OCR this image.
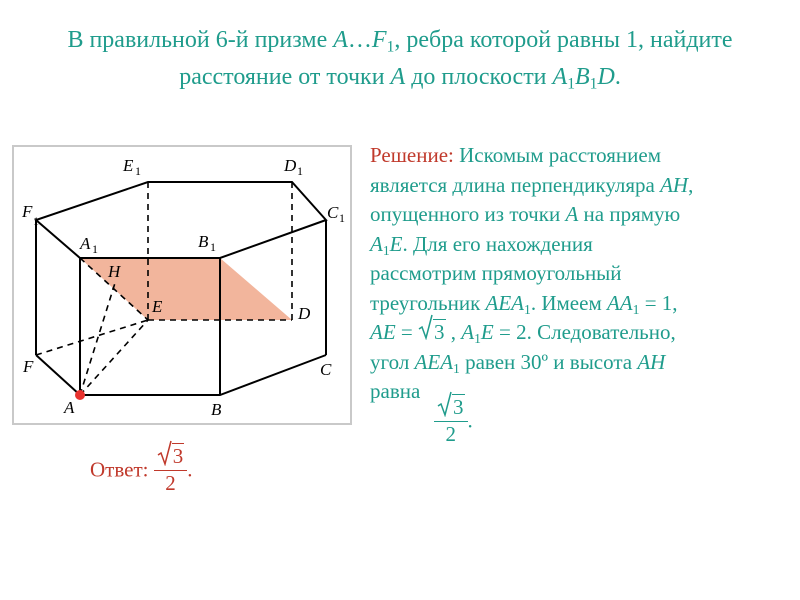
В правильной 6-й призме $A\dots F_1$, ребра которой равны 1, найдите
расстояние от точки A до плоскости $A_1B_1D$.
A	B
C
D
E
F
H
A 1	B 1
C 1
D 1
E 1
F 1
Решение: Искомым расстоянием
является длина перпендикуляра AH,
опущенного из точки A на прямую
$A_1E$. Для его нахождения
рассмотрим прямоугольный
треугольник $AEA_1$. Имеем $AA_1 = 1$,
AE =
3 , $A_1E = 2$. Следовательно,
угол $AEA_1$ равен 30º и высота AH
равна
$\frac{3}{2}$ .
Ответ: $\frac{3}{2}$ .
